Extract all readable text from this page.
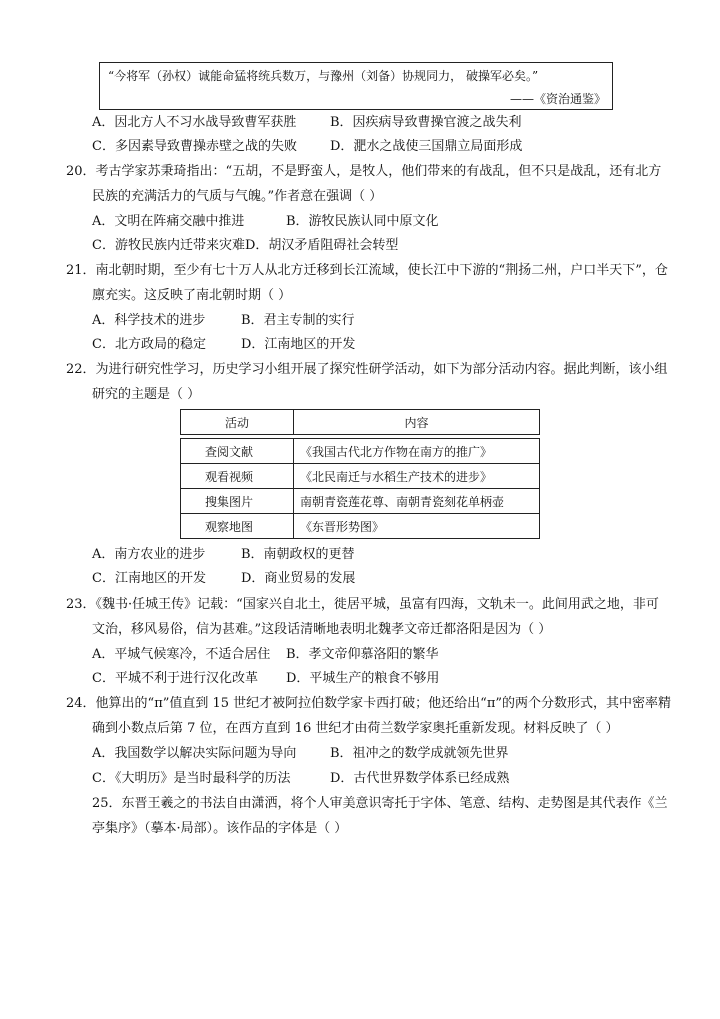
“今将军（孙权）诚能命猛将统兵数万，与豫州（刘备）协规同力， 破操军必矣。”
——《资治通鉴》
A．因北方人不习水战导致曹军获胜	B．因疾病导致曹操官渡之战失利
C．多因素导致曹操赤壁之战的失败	D．淝水之战使三国鼎立局面形成
20．考古学家苏秉琦指出：“五胡，不是野蛮人，是牧人，他们带来的有战乱，但不只是战乱，还有北方
民族的充满活力的气质与气魄。”作者意在强调（ ）
A．文明在阵痛交融中推进	B．游牧民族认同中原文化
C．游牧民族内迁带来灾难D．胡汉矛盾阻碍社会转型
21．南北朝时期，至少有七十万人从北方迁移到长江流域，使长江中下游的“荆扬二州，户口半天下”，仓
廪充实。这反映了南北朝时期（ ）
A．科学技术的进步	B．君主专制的实行
C．北方政局的稳定	D．江南地区的开发
22．为进行研究性学习，历史学习小组开展了探究性研学活动，如下为部分活动内容。据此判断，该小组
研究的主题是（ ）
活动	内容

查阅文献	《我国古代北方作物在南方的推广》
观看视频	《北民南迁与水稻生产技术的进步》
搜集图片	南朝青瓷莲花尊、南朝青瓷刻花单柄壶
观察地图	《东晋形势图》
A．南方农业的进步	B．南朝政权的更替
C．江南地区的开发	D．商业贸易的发展
23．《魏书·任城王传》记载：“国家兴自北土，徙居平城，虽富有四海，文轨未一。此间用武之地，非可
文治，移风易俗，信为甚难。”这段话清晰地表明北魏孝文帝迁都洛阳是因为（ ）
A．平城气候寒冷，不适合居住 B．孝文帝仰慕洛阳的繁华
C．平城不利于进行汉化改革 D．平城生产的粮食不够用
24．他算出的“π”值直到 15 世纪才被阿拉伯数学家卡西打破；他还给出“π”的两个分数形式，其中密率精
确到小数点后第 7 位，在西方直到 16 世纪才由荷兰数学家奥托重新发现。材料反映了（ ）
A．我国数学以解决实际问题为导向	B．祖冲之的数学成就领先世界
C．《大明历》是当时最科学的历法	D．古代世界数学体系已经成熟
25．东晋王羲之的书法自由潇洒，将个人审美意识寄托于字体、笔意、结构、走势图是其代表作《兰
亭集序》（摹本·局部）。该作品的字体是（ ）
